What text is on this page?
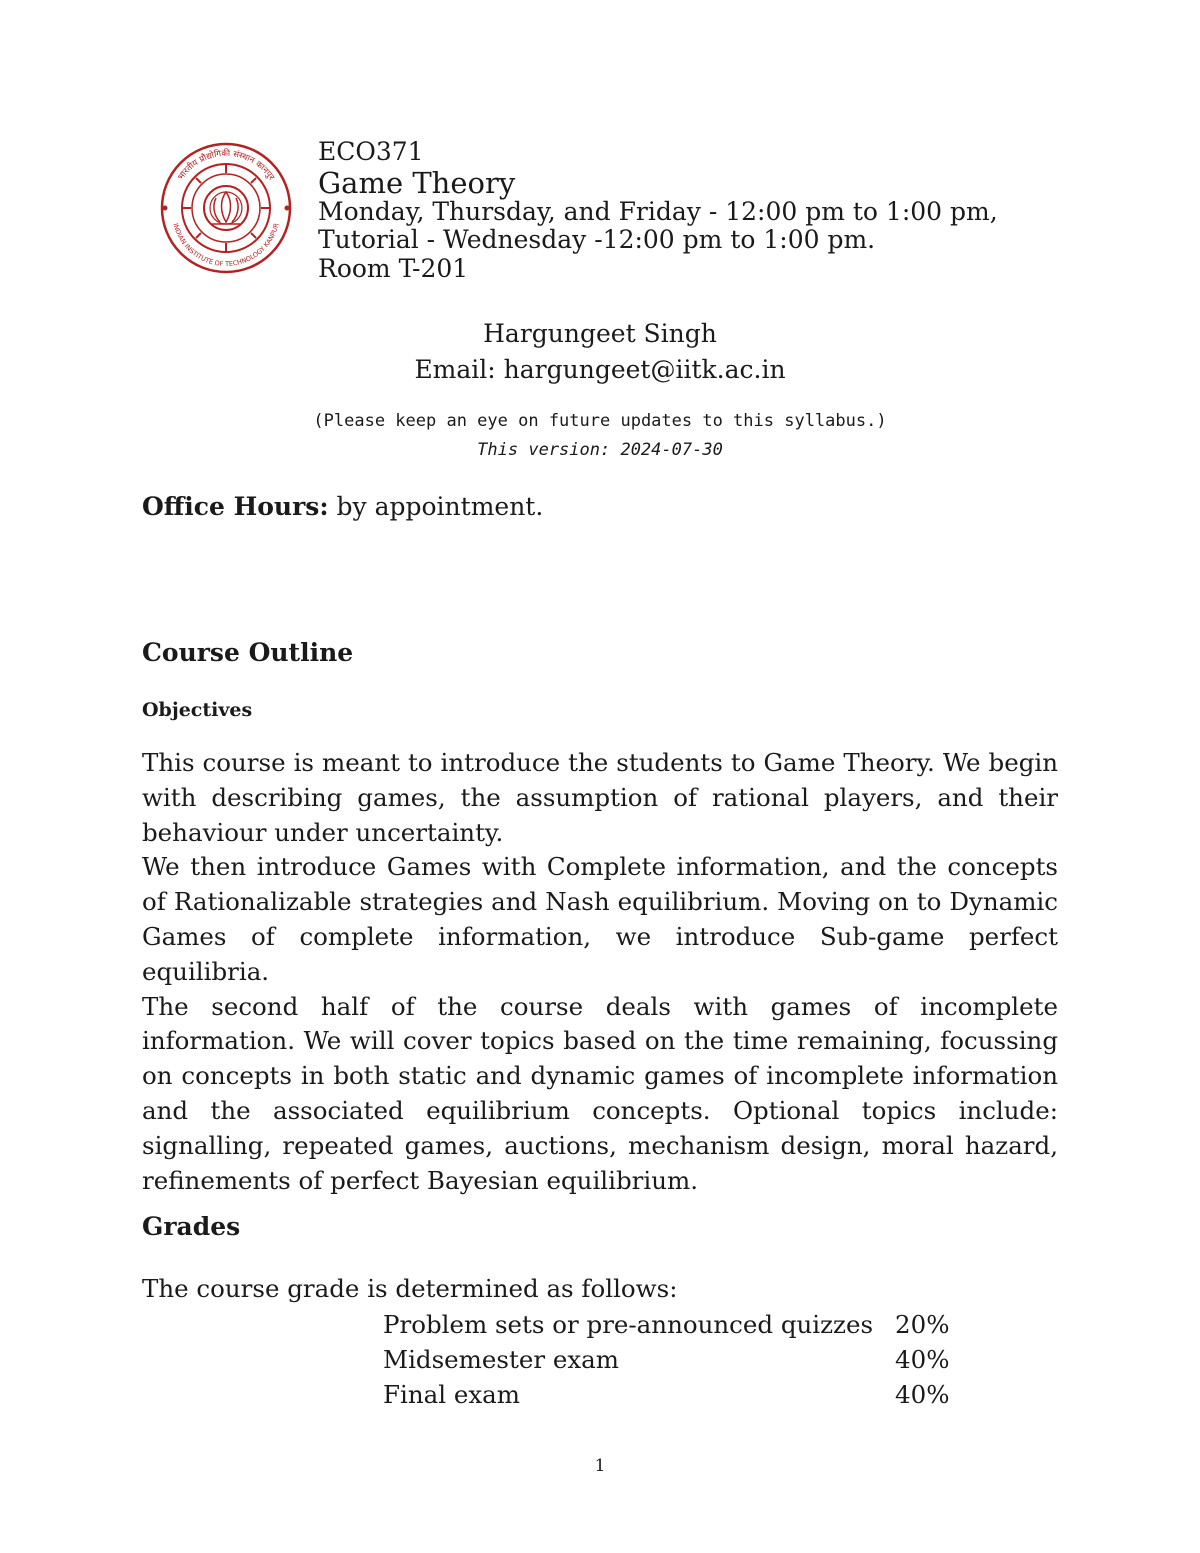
भारतीय प्रौद्योगिकी संस्थान कानपुर
INDIAN INSTITUTE OF TECHNOLOGY KANPUR
ECO371
Game Theory
Monday, Thursday, and Friday - 12:00 pm to 1:00 pm,
Tutorial - Wednesday -12:00 pm to 1:00 pm.
Room T-201
Hargungeet Singh
Email: hargungeet@iitk.ac.in
(Please keep an eye on future updates to this syllabus.)
This version: 2024-07-30
Office Hours: by appointment.
Course Outline
Objectives

This course is meant to introduce the students to Game Theory. We begin with describing games, the assumption of rational players, and their behaviour under uncertainty.

We then introduce Games with Complete information, and the concepts of Rationalizable strategies and Nash equilibrium. Moving on to Dynamic Games of complete information, we introduce Sub-game perfect equilibria.

The second half of the course deals with games of incomplete information. We will cover topics based on the time remaining, focussing on concepts in both static and dynamic games of incomplete information and the associated equilibrium concepts. Optional topics include: signalling, repeated games, auctions, mechanism design, moral hazard, refinements of perfect Bayesian equilibrium.

Grades
The course grade is determined as follows:
Problem sets or pre-announced quizzes	20%
Midsemester exam	40%
Final exam	40%
1
